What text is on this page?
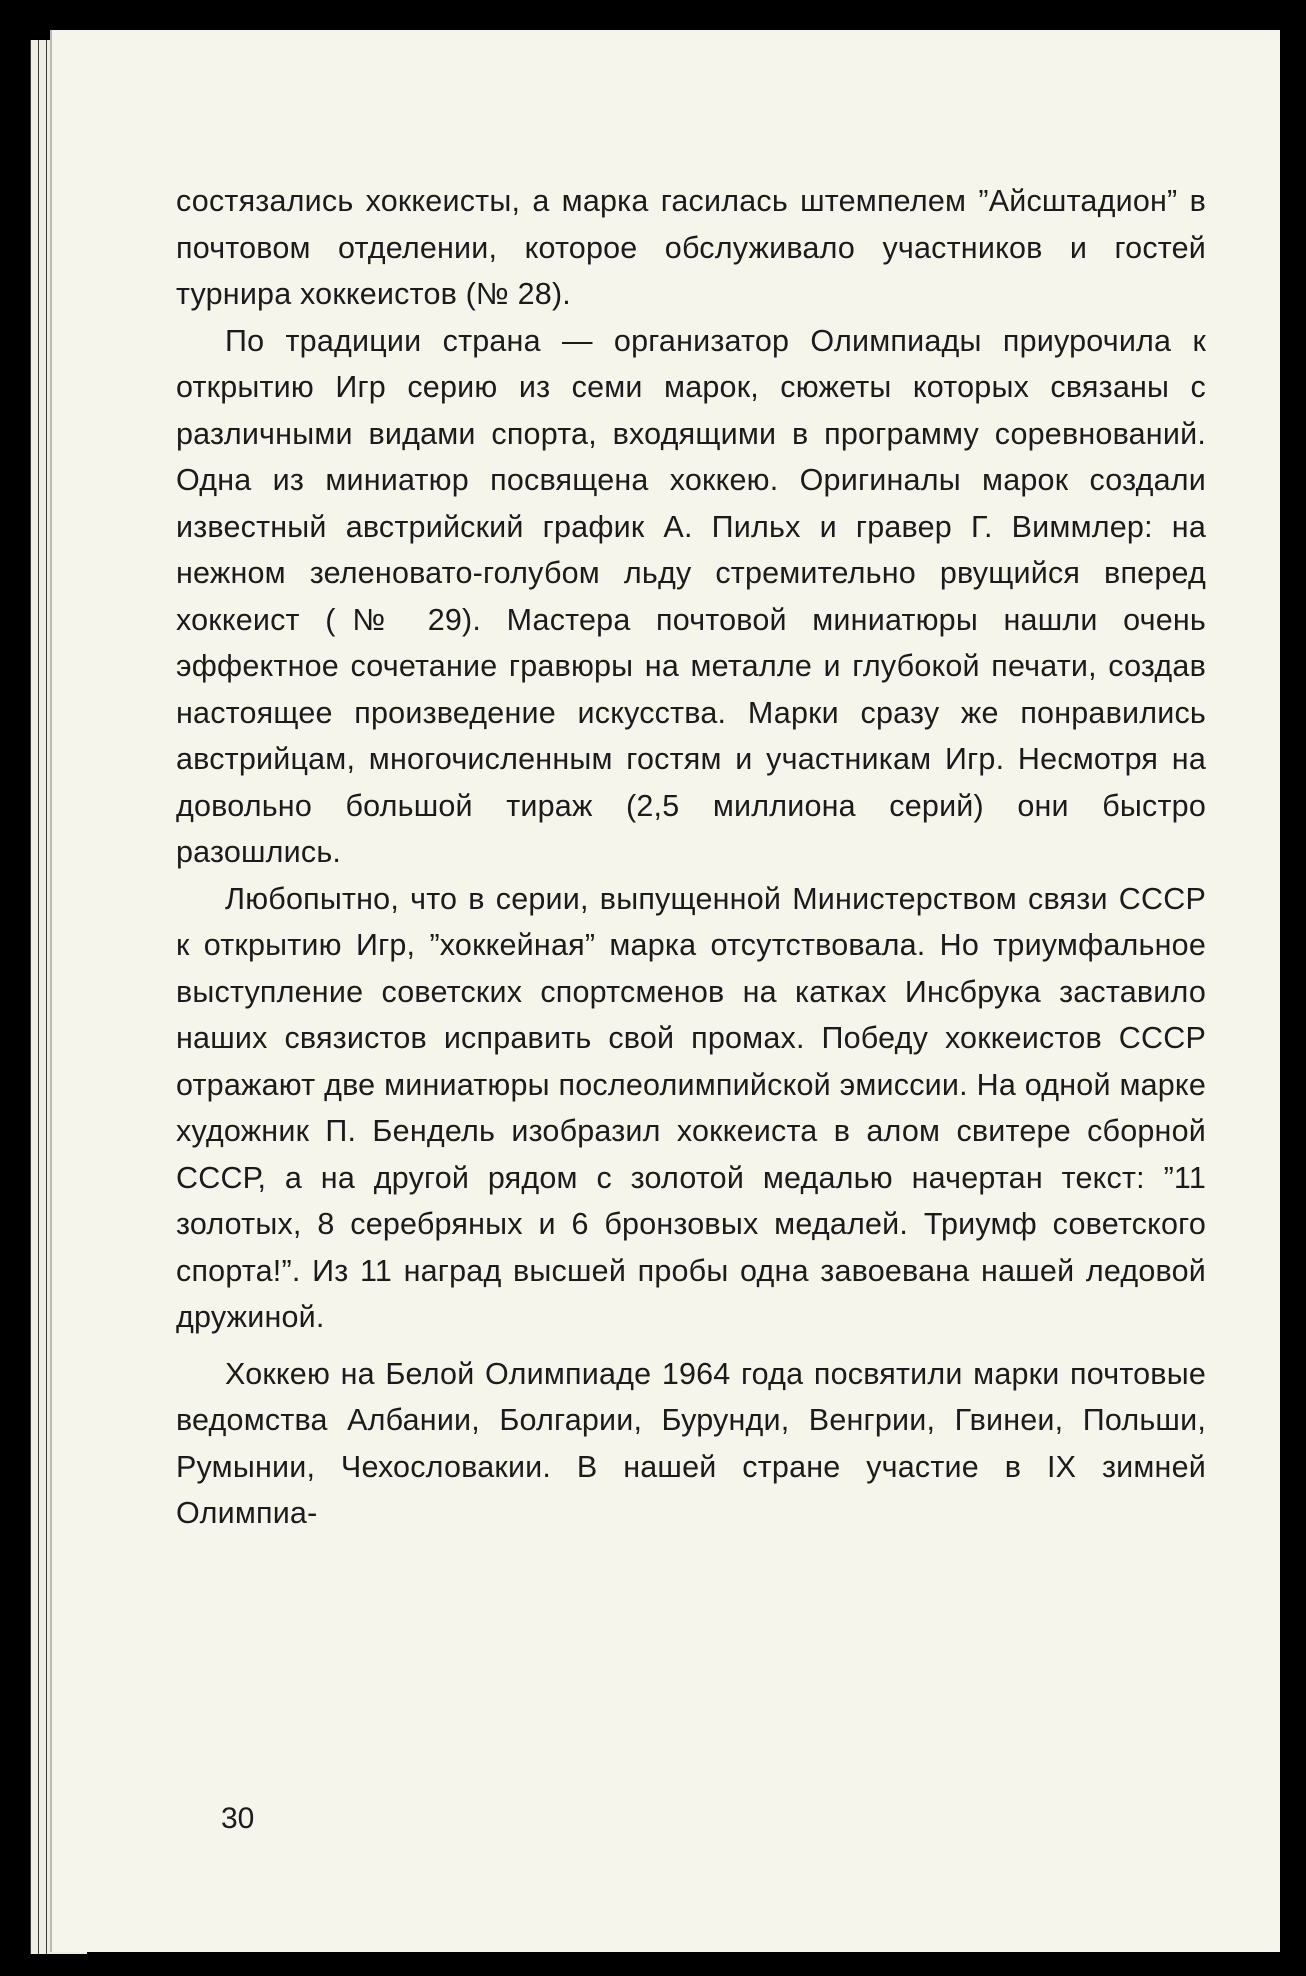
состязались хоккеисты, а марка гасилась штемпелем ”Айсштадион” в почтовом отделении, которое обслуживало участников и гостей турнира хоккеистов (№ 28).

По традиции страна — организатор Олимпиады приурочила к открытию Игр серию из семи марок, сюжеты которых связаны с различными видами спорта, входящими в программу соревнований. Одна из миниатюр посвящена хоккею. Оригиналы марок создали известный австрийский график А. Пильх и гравер Г. Виммлер: на нежном зеленовато-голубом льду стремительно рвущийся вперед хоккеист (№ 29). Мастера почтовой миниатюры нашли очень эффектное сочетание гравюры на металле и глубокой печати, создав настоящее произведение искусства. Марки сразу же понравились австрийцам, многочисленным гостям и участникам Игр. Несмотря на довольно большой тираж (2,5 миллиона серий) они быстро разошлись.

Любопытно, что в серии, выпущенной Министерством связи СССР к открытию Игр, ”хоккейная” марка отсутствовала. Но триумфальное выступление советских спортсменов на катках Инсбрука заставило наших связистов исправить свой промах. Победу хоккеистов СССР отражают две миниатюры послеолимпийской эмиссии. На одной марке художник П. Бендель изобразил хоккеиста в алом свитере сборной СССР, а на другой рядом с золотой медалью начертан текст: ”11 золотых, 8 серебряных и 6 бронзовых медалей. Триумф советского спорта!”. Из 11 наград высшей пробы одна завоевана нашей ледовой дружиной.

Хоккею на Белой Олимпиаде 1964 года посвятили марки почтовые ведомства Албании, Болгарии, Бурунди, Венгрии, Гвинеи, Польши, Румынии, Чехословакии. В нашей стране участие в IX зимней Олимпиа-

30
